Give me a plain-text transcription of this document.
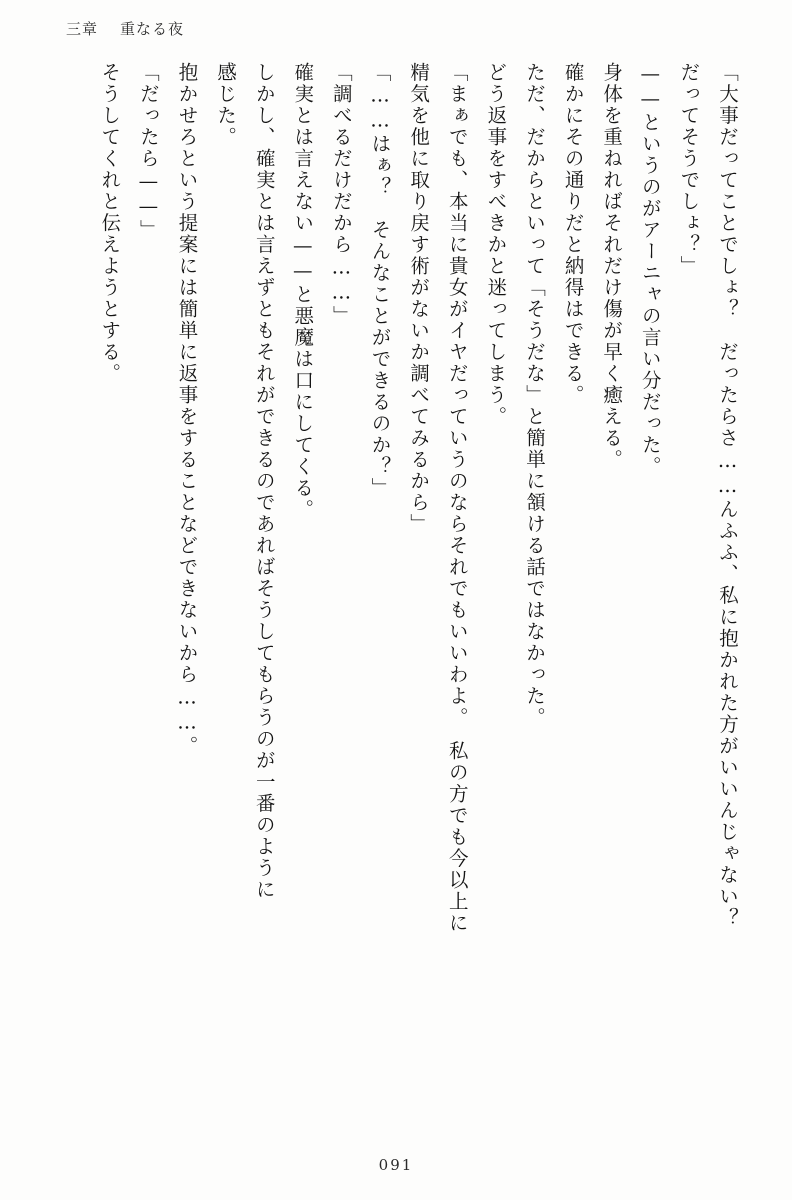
三章 重なる夜

「大事だってことでしょ？　だったらさ……んふふ、私に抱かれた方がいいんじゃない？

だってそうでしょ？」

——というのがアーニャの言い分だった。

身体を重ねればそれだけ傷が早く癒える。

確かにその通りだと納得はできる。

ただ、だからといって「そうだな」と簡単に頷ける話ではなかった。

どう返事をすべきかと迷ってしまう。

「まぁでも、本当に貴女がイヤだっていうのならそれでもいいわよ。　私の方でも今以上に

精気を他に取り戻す術がないか調べてみるから」

「……はぁ？　そんなことができるのか？」

「調べるだけだから……」

確実とは言えない——と悪魔は口にしてくる。

しかし、確実とは言えずともそれができるのであればそうしてもらうのが一番のように

感じた。

抱かせろという提案には簡単に返事をすることなどできないから……。

「だったら——」

そうしてくれと伝えようとする。

091
